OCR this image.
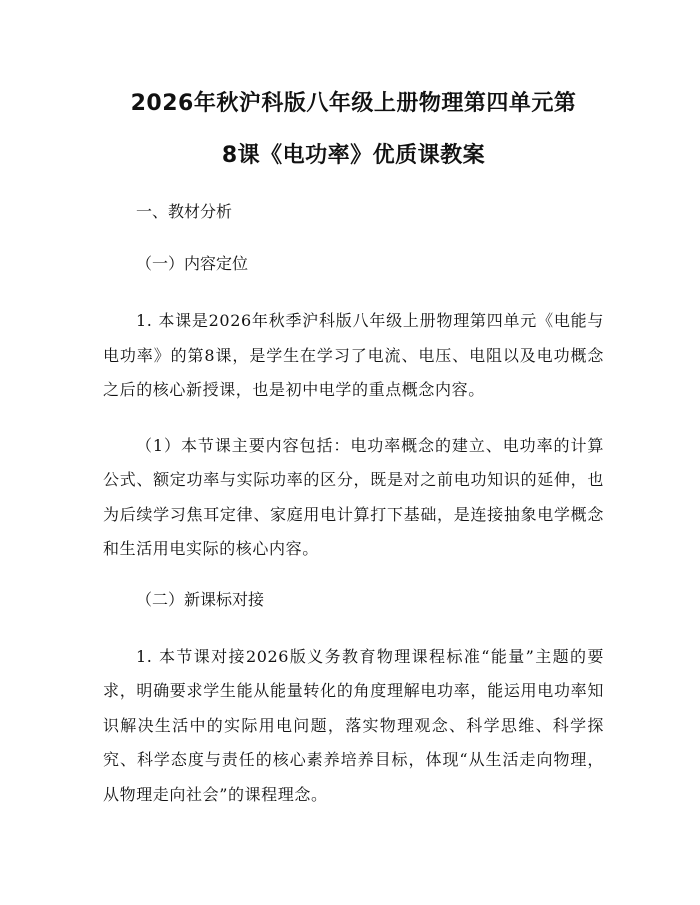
2026年秋沪科版八年级上册物理第四单元第
8课《电功率》优质课教案
一、教材分析
（一）内容定位

1. 本课是2026年秋季沪科版八年级上册物理第四单元《电能与电功率》的第8课，是学生在学习了电流、电压、电阻以及电功概念之后的核心新授课，也是初中电学的重点概念内容。

（1）本节课主要内容包括：电功率概念的建立、电功率的计算公式、额定功率与实际功率的区分，既是对之前电功知识的延伸，也为后续学习焦耳定律、家庭用电计算打下基础，是连接抽象电学概念和生活用电实际的核心内容。

（二）新课标对接

1. 本节课对接2026版义务教育物理课程标准“能量”主题的要求，明确要求学生能从能量转化的角度理解电功率，能运用电功率知识解决生活中的实际用电问题，落实物理观念、科学思维、科学探究、科学态度与责任的核心素养培养目标，体现“从生活走向物理，从物理走向社会”的课程理念。
